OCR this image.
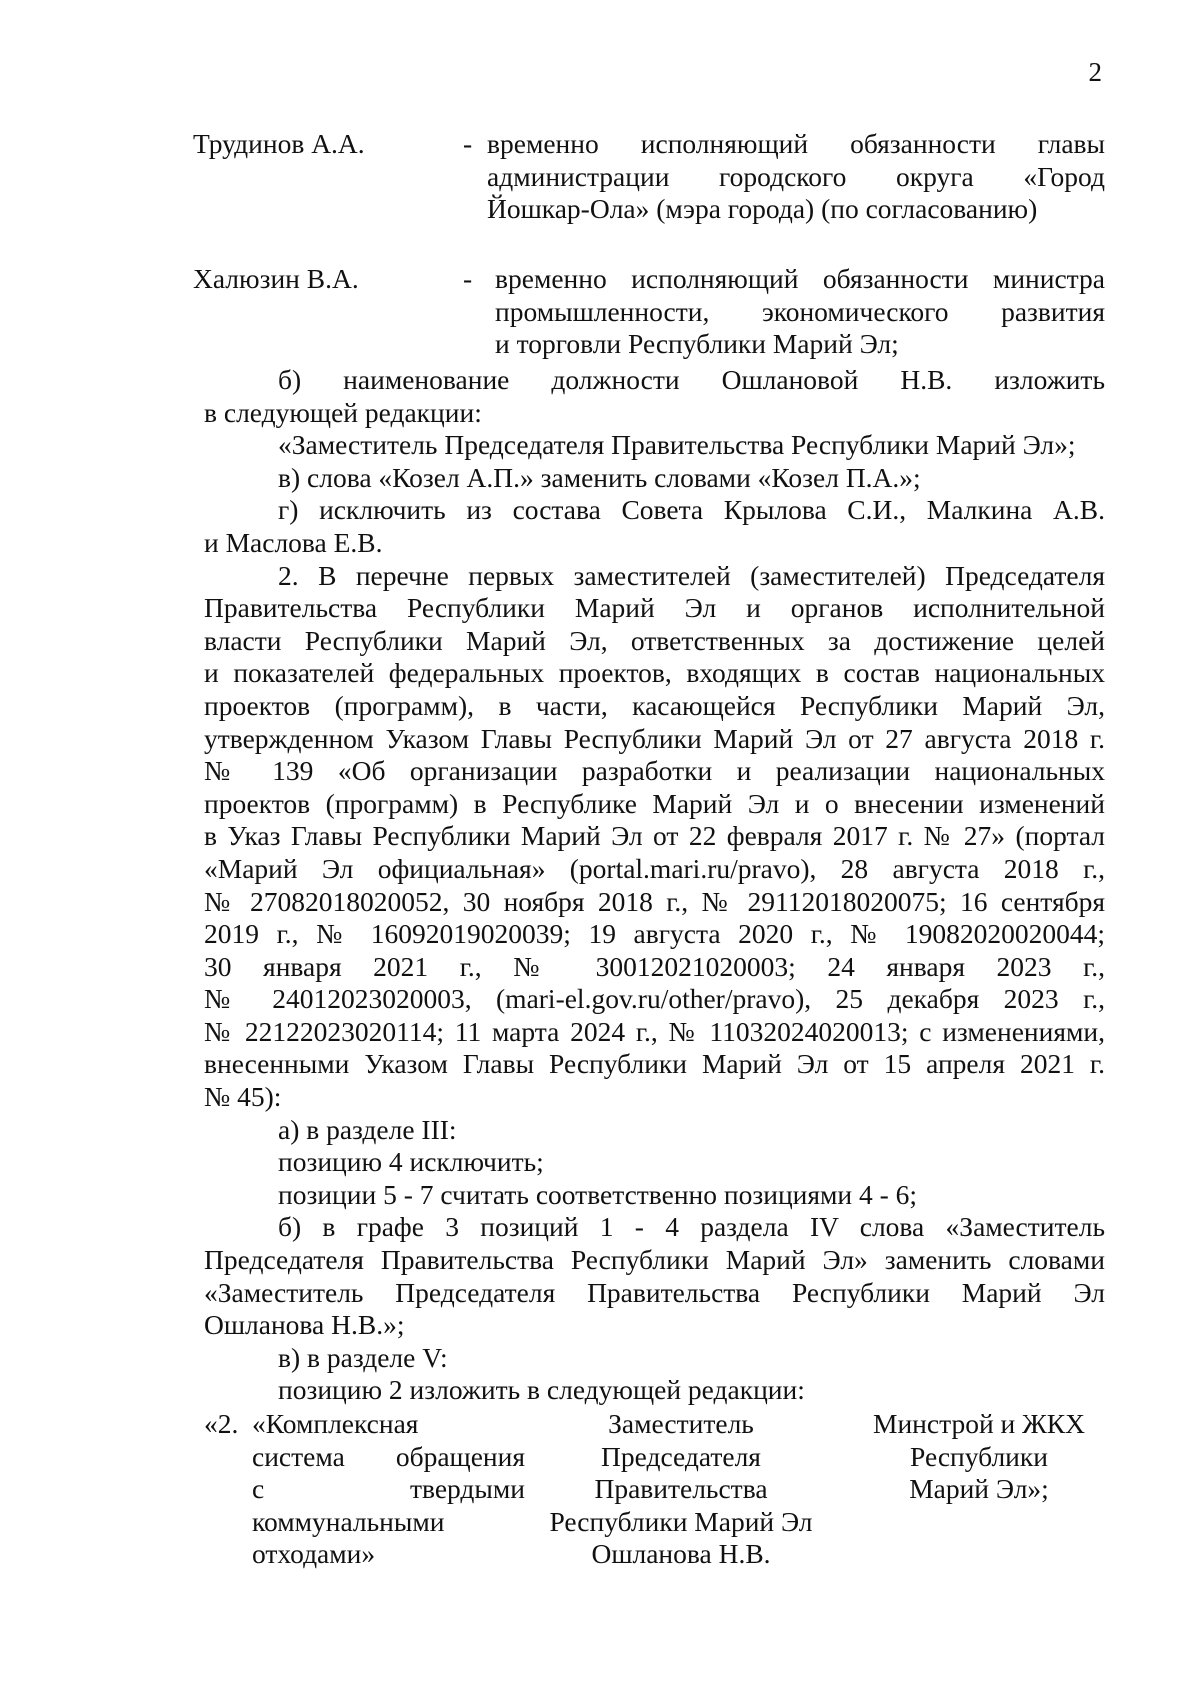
2
Трудинов А.А.	- временно исполняющий обязанности главы

администрации городского округа «Город

Йошкар-Ола» (мэра города) (по согласованию)

Халюзин В.А.	- временно исполняющий обязанности министра

промышленности, экономического развития

и торговли Республики Марий Эл;

б) наименование должности Ошлановой Н.В. изложить
в следующей редакции:
«Заместитель Председателя Правительства Республики Марий Эл»;
в) слова «Козел А.П.» заменить словами «Козел П.А.»;
г) исключить из состава Совета Крылова С.И., Малкина А.В.
и Маслова Е.В.
2. В перечне первых заместителей (заместителей) Председателя
Правительства Республики Марий Эл и органов исполнительной
власти Республики Марий Эл, ответственных за достижение целей
и показателей федеральных проектов, входящих в состав национальных
проектов (программ), в части, касающейся Республики Марий Эл,
утвержденном Указом Главы Республики Марий Эл от 27 августа 2018 г.
№ 139 «Об организации разработки и реализации национальных
проектов (программ) в Республике Марий Эл и о внесении изменений
в Указ Главы Республики Марий Эл от 22 февраля 2017 г. № 27» (портал
«Марий Эл официальная» (portal.mari.ru/pravo), 28 августа 2018 г.,
№ 27082018020052, 30 ноября 2018 г., № 29112018020075; 16 сентября
2019 г., № 16092019020039; 19 августа 2020 г., № 19082020020044;
30 января 2021 г., № 30012021020003; 24 января 2023 г.,
№ 24012023020003, (mari-el.gov.ru/other/pravo), 25 декабря 2023 г.,
№ 22122023020114; 11 марта 2024 г., № 11032024020013; с изменениями,
внесенными Указом Главы Республики Марий Эл от 15 апреля 2021 г.
№ 45):
а) в разделе III:
позицию 4 исключить;
позиции 5 - 7 считать соответственно позициями 4 - 6;
б) в графе 3 позиций 1 - 4 раздела IV слова «Заместитель
Председателя Правительства Республики Марий Эл» заменить словами
«Заместитель Председателя Правительства Республики Марий Эл
Ошланова Н.В.»;
в) в разделе V:
позицию 2 изложить в следующей редакции:
«2. «Комплексная
система обращения
с твердыми
коммунальными
отходами»
Заместитель
Председателя
Правительства
Республики Марий Эл
Ошланова Н.В.
Минстрой и ЖКХ
Республики
Марий Эл»;
